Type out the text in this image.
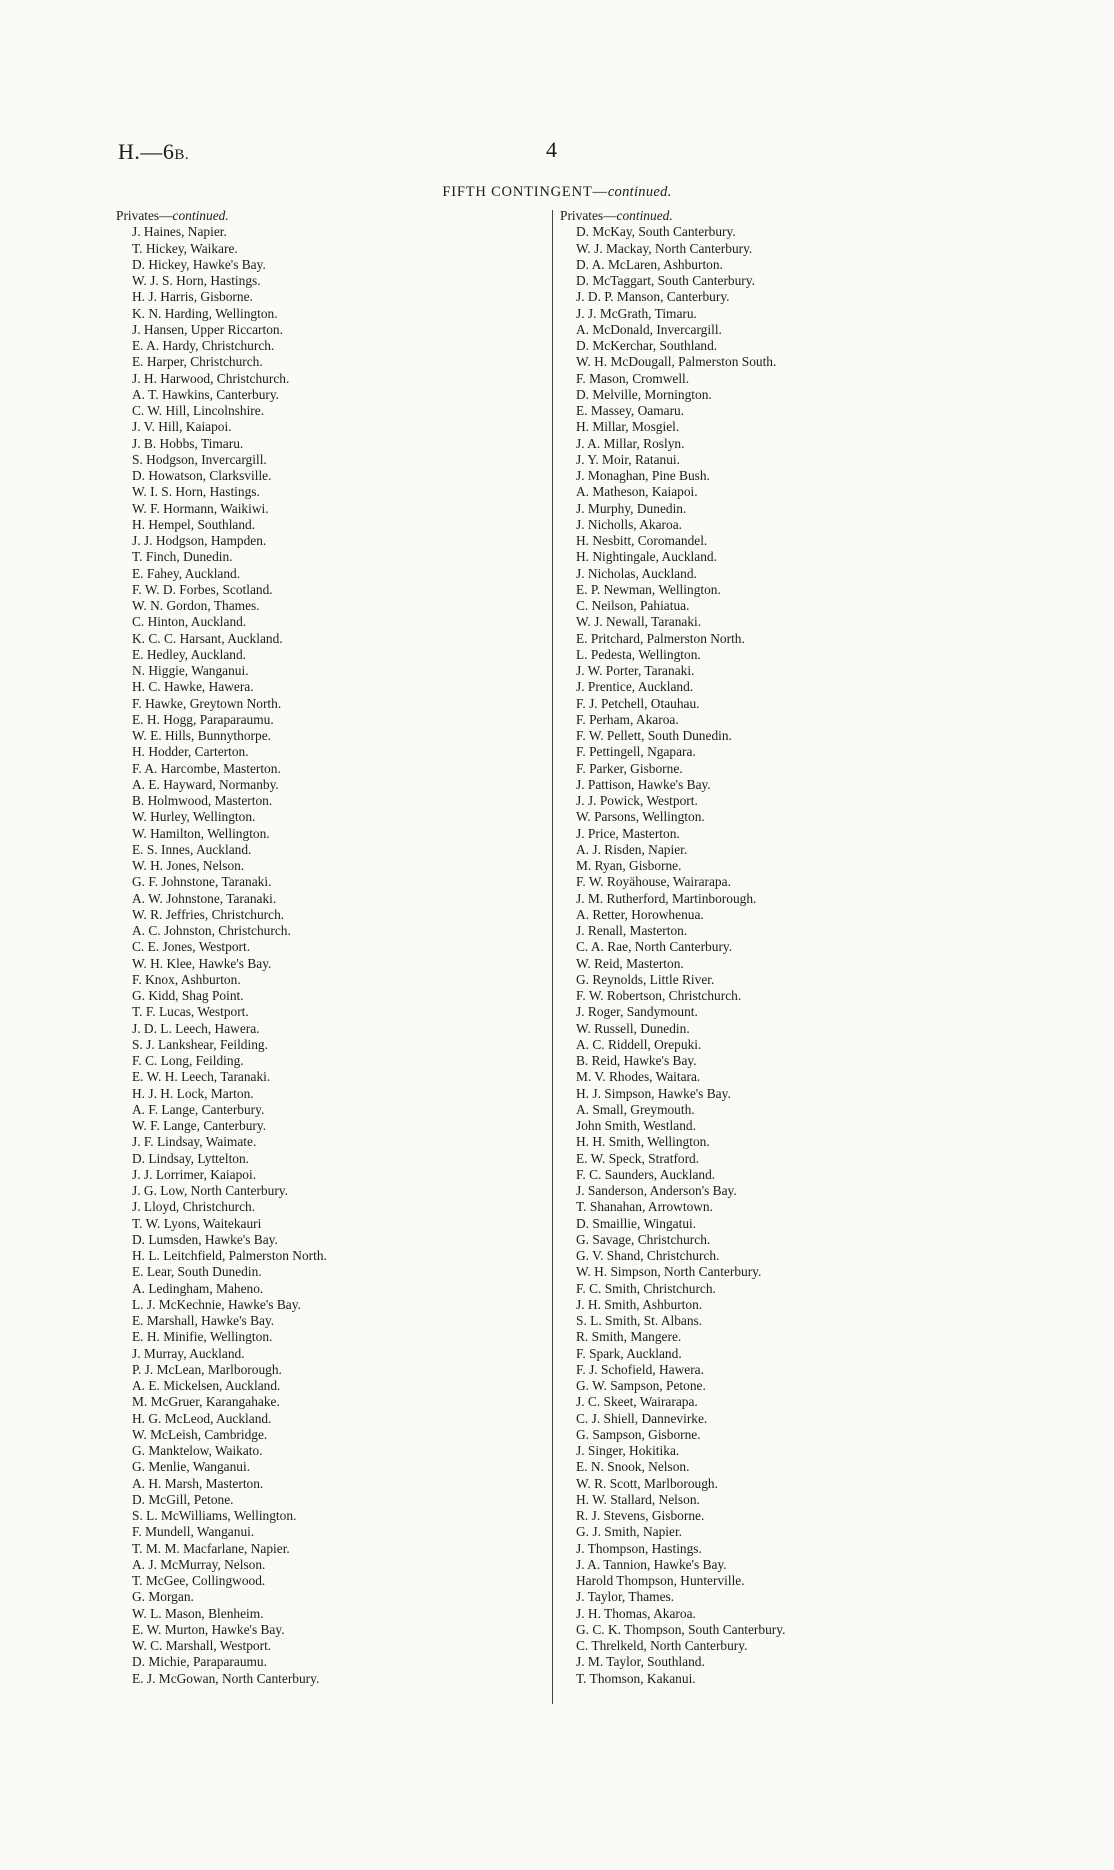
H.—6B.	4
FIFTH CONTINGENT—continued.
Privates—continued.
J. Haines, Napier.
T. Hickey, Waikare.
D. Hickey, Hawke's Bay.
W. J. S. Horn, Hastings.
H. J. Harris, Gisborne.
K. N. Harding, Wellington.
J. Hansen, Upper Riccarton.
E. A. Hardy, Christchurch.
E. Harper, Christchurch.
J. H. Harwood, Christchurch.
A. T. Hawkins, Canterbury.
C. W. Hill, Lincolnshire.
J. V. Hill, Kaiapoi.
J. B. Hobbs, Timaru.
S. Hodgson, Invercargill.
D. Howatson, Clarksville.
W. I. S. Horn, Hastings.
W. F. Hormann, Waikiwi.
H. Hempel, Southland.
J. J. Hodgson, Hampden.
T. Finch, Dunedin.
E. Fahey, Auckland.
F. W. D. Forbes, Scotland.
W. N. Gordon, Thames.
C. Hinton, Auckland.
K. C. C. Harsant, Auckland.
E. Hedley, Auckland.
N. Higgie, Wanganui.
H. C. Hawke, Hawera.
F. Hawke, Greytown North.
E. H. Hogg, Paraparaumu.
W. E. Hills, Bunnythorpe.
H. Hodder, Carterton.
F. A. Harcombe, Masterton.
A. E. Hayward, Normanby.
B. Holmwood, Masterton.
W. Hurley, Wellington.
W. Hamilton, Wellington.
E. S. Innes, Auckland.
W. H. Jones, Nelson.
G. F. Johnstone, Taranaki.
A. W. Johnstone, Taranaki.
W. R. Jeffries, Christchurch.
A. C. Johnston, Christchurch.
C. E. Jones, Westport.
W. H. Klee, Hawke's Bay.
F. Knox, Ashburton.
G. Kidd, Shag Point.
T. F. Lucas, Westport.
J. D. L. Leech, Hawera.
S. J. Lankshear, Feilding.
F. C. Long, Feilding.
E. W. H. Leech, Taranaki.
H. J. H. Lock, Marton.
A. F. Lange, Canterbury.
W. F. Lange, Canterbury.
J. F. Lindsay, Waimate.
D. Lindsay, Lyttelton.
J. J. Lorrimer, Kaiapoi.
J. G. Low, North Canterbury.
J. Lloyd, Christchurch.
T. W. Lyons, Waitekauri
D. Lumsden, Hawke's Bay.
H. L. Leitchfield, Palmerston North.
E. Lear, South Dunedin.
A. Ledingham, Maheno.
L. J. McKechnie, Hawke's Bay.
E. Marshall, Hawke's Bay.
E. H. Minifie, Wellington.
J. Murray, Auckland.
P. J. McLean, Marlborough.
A. E. Mickelsen, Auckland.
M. McGruer, Karangahake.
H. G. McLeod, Auckland.
W. McLeish, Cambridge.
G. Manktelow, Waikato.
G. Menlie, Wanganui.
A. H. Marsh, Masterton.
D. McGill, Petone.
S. L. McWilliams, Wellington.
F. Mundell, Wanganui.
T. M. M. Macfarlane, Napier.
A. J. McMurray, Nelson.
T. McGee, Collingwood.
G. Morgan.
W. L. Mason, Blenheim.
E. W. Murton, Hawke's Bay.
W. C. Marshall, Westport.
D. Michie, Paraparaumu.
E. J. McGowan, North Canterbury.
Privates—continued.
D. McKay, South Canterbury.
W. J. Mackay, North Canterbury.
D. A. McLaren, Ashburton.
D. McTaggart, South Canterbury.
J. D. P. Manson, Canterbury.
J. J. McGrath, Timaru.
A. McDonald, Invercargill.
D. McKerchar, Southland.
W. H. McDougall, Palmerston South.
F. Mason, Cromwell.
D. Melville, Mornington.
E. Massey, Oamaru.
H. Millar, Mosgiel.
J. A. Millar, Roslyn.
J. Y. Moir, Ratanui.
J. Monaghan, Pine Bush.
A. Matheson, Kaiapoi.
J. Murphy, Dunedin.
J. Nicholls, Akaroa.
H. Nesbitt, Coromandel.
H. Nightingale, Auckland.
J. Nicholas, Auckland.
E. P. Newman, Wellington.
C. Neilson, Pahiatua.
W. J. Newall, Taranaki.
E. Pritchard, Palmerston North.
L. Pedesta, Wellington.
J. W. Porter, Taranaki.
J. Prentice, Auckland.
F. J. Petchell, Otauhau.
F. Perham, Akaroa.
F. W. Pellett, South Dunedin.
F. Pettingell, Ngapara.
F. Parker, Gisborne.
J. Pattison, Hawke's Bay.
J. J. Powick, Westport.
W. Parsons, Wellington.
J. Price, Masterton.
A. J. Risden, Napier.
M. Ryan, Gisborne.
F. W. Royähouse, Wairarapa.
J. M. Rutherford, Martinborough.
A. Retter, Horowhenua.
J. Renall, Masterton.
C. A. Rae, North Canterbury.
W. Reid, Masterton.
G. Reynolds, Little River.
F. W. Robertson, Christchurch.
J. Roger, Sandymount.
W. Russell, Dunedin.
A. C. Riddell, Orepuki.
B. Reid, Hawke's Bay.
M. V. Rhodes, Waitara.
H. J. Simpson, Hawke's Bay.
A. Small, Greymouth.
John Smith, Westland.
H. H. Smith, Wellington.
E. W. Speck, Stratford.
F. C. Saunders, Auckland.
J. Sanderson, Anderson's Bay.
T. Shanahan, Arrowtown.
D. Smaillie, Wingatui.
G. Savage, Christchurch.
G. V. Shand, Christchurch.
W. H. Simpson, North Canterbury.
F. C. Smith, Christchurch.
J. H. Smith, Ashburton.
S. L. Smith, St. Albans.
R. Smith, Mangere.
F. Spark, Auckland.
F. J. Schofield, Hawera.
G. W. Sampson, Petone.
J. C. Skeet, Wairarapa.
C. J. Shiell, Dannevirke.
G. Sampson, Gisborne.
J. Singer, Hokitika.
E. N. Snook, Nelson.
W. R. Scott, Marlborough.
H. W. Stallard, Nelson.
R. J. Stevens, Gisborne.
G. J. Smith, Napier.
J. Thompson, Hastings.
J. A. Tannion, Hawke's Bay.
Harold Thompson, Hunterville.
J. Taylor, Thames.
J. H. Thomas, Akaroa.
G. C. K. Thompson, South Canterbury.
C. Threlkeld, North Canterbury.
J. M. Taylor, Southland.
T. Thomson, Kakanui.
